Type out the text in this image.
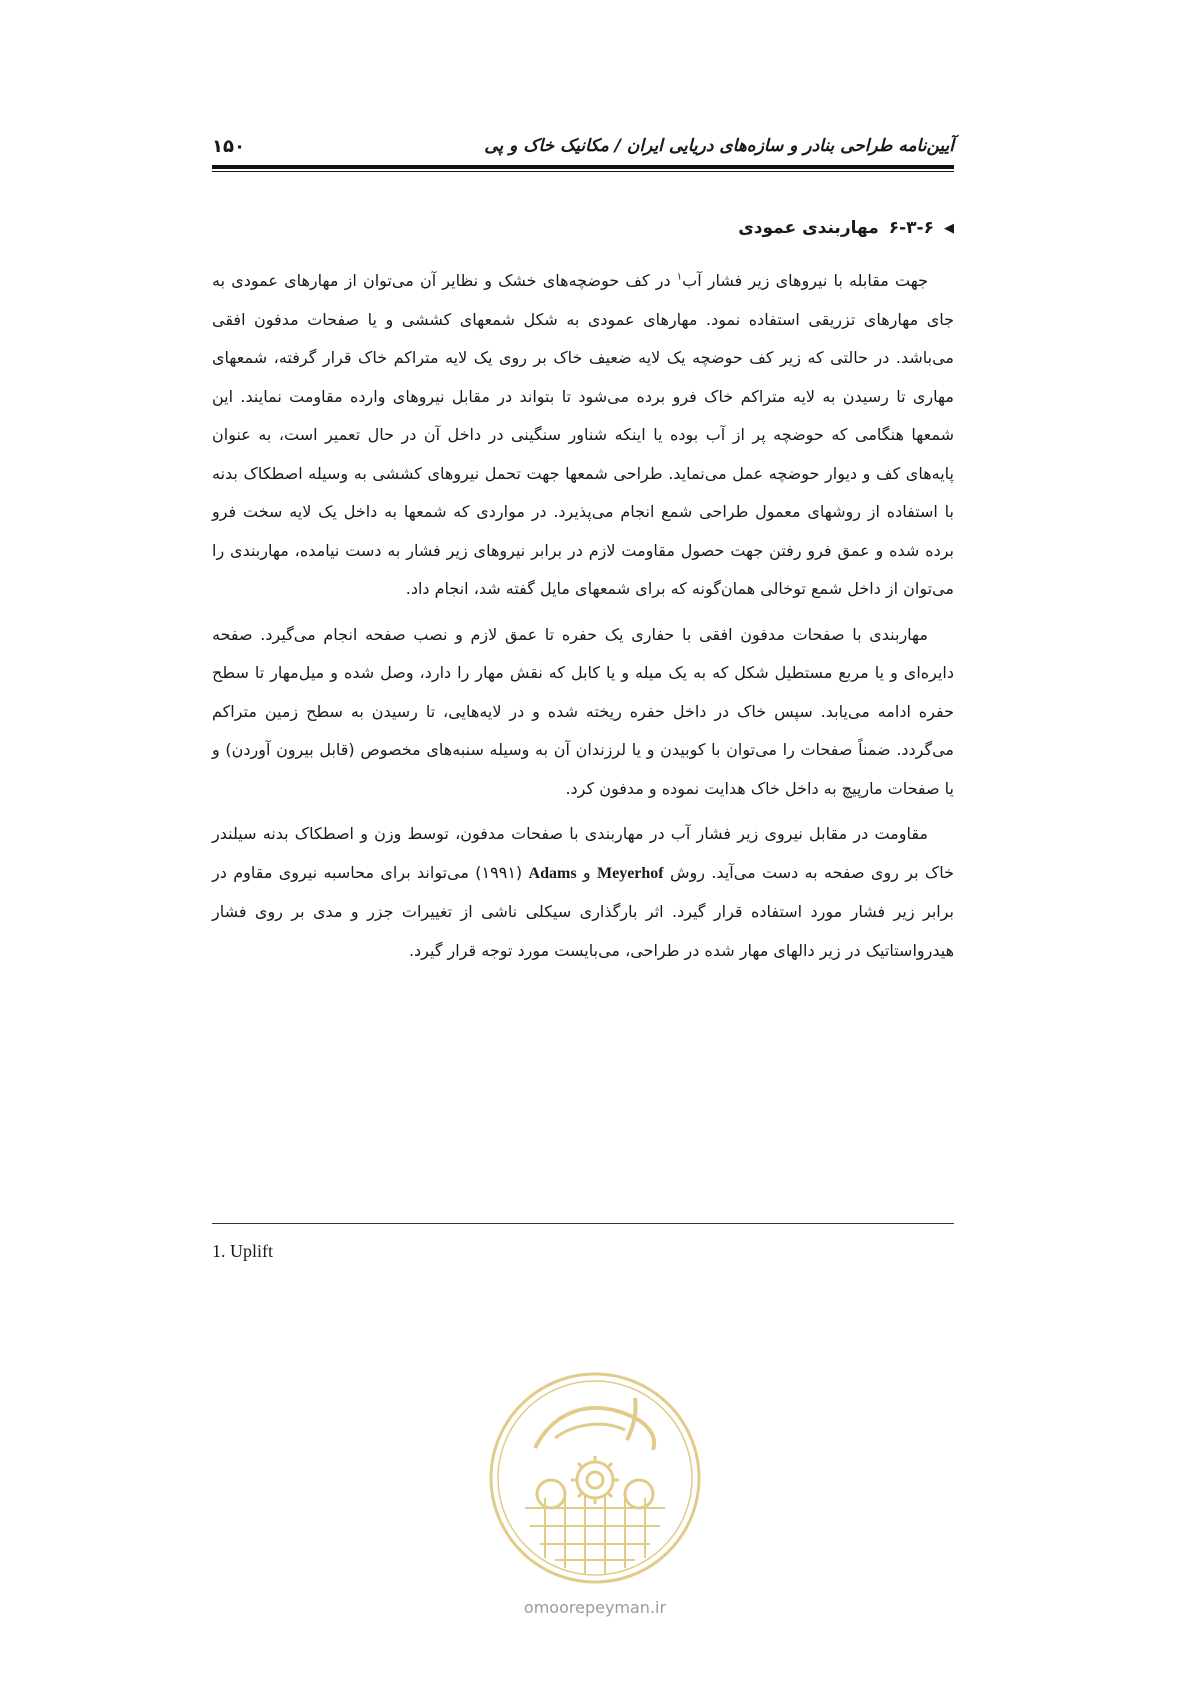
آیین‌نامه طراحی بنادر و سازه‌های دریایی ایران / مکانیک خاک و پی
۱۵۰
◀
۶-۳-۶
مهاربندی عمودی

جهت مقابله با نیروهای زیر فشار آب$^۱$ در کف حوضچه‌های خشک و نظایر آن می‌توان از مهارهای عمودی به جای مهارهای تزریقی استفاده نمود. مهارهای عمودی به شکل شمعهای کششی و یا صفحات مدفون افقی می‌باشد. در حالتی که زیر کف حوضچه یک لایه ضعیف خاک بر روی یک لایه متراکم خاک قرار گرفته، شمعهای مهاری تا رسیدن به لایه متراکم خاک فرو برده می‌شود تا بتواند در مقابل نیروهای وارده مقاومت نمایند. این شمعها هنگامی که حوضچه پر از آب بوده یا اینکه شناور سنگینی در داخل آن در حال تعمیر است، به عنوان پایه‌های کف و دیوار حوضچه عمل می‌نماید. طراحی شمعها جهت تحمل نیروهای کششی به وسیله اصطکاک بدنه با استفاده از روشهای معمول طراحی شمع انجام می‌پذیرد. در مواردی که شمعها به داخل یک لایه سخت فرو برده شده و عمق فرو رفتن جهت حصول مقاومت لازم در برابر نیروهای زیر فشار به دست نیامده، مهاربندی را می‌توان از داخل شمع توخالی همان‌گونه که برای شمعهای مایل گفته شد، انجام داد.

مهاربندی با صفحات مدفون افقی با حفاری یک حفره تا عمق لازم و نصب صفحه انجام می‌گیرد. صفحه دایره‌ای و یا مربع مستطیل شکل که به یک میله و یا کابل که نقش مهار را دارد، وصل شده و میل‌مهار تا سطح حفره ادامه می‌یابد. سپس خاک در داخل حفره ریخته شده و در لایه‌هایی، تا رسیدن به سطح زمین متراکم می‌گردد. ضمناً صفحات را می‌توان با کوبیدن و یا لرزندان آن به وسیله سنبه‌های مخصوص (قابل بیرون آوردن) و یا صفحات مارپیچ به داخل خاک هدایت نموده و مدفون کرد.

مقاومت در مقابل نیروی زیر فشار آب در مهاربندی با صفحات مدفون، توسط وزن و اصطکاک بدنه سیلندر خاک بر روی صفحه به دست می‌آید. روش Meyerhof و Adams (۱۹۹۱) می‌تواند برای محاسبه نیروی مقاوم در برابر زیر فشار مورد استفاده قرار گیرد. اثر بارگذاری سیکلی ناشی از تغییرات جزر و مدی بر روی فشار هیدرواستاتیک در زیر دالهای مهار شده در طراحی، می‌بایست مورد توجه قرار گیرد.

1. Uplift
omoorepeyman.ir
